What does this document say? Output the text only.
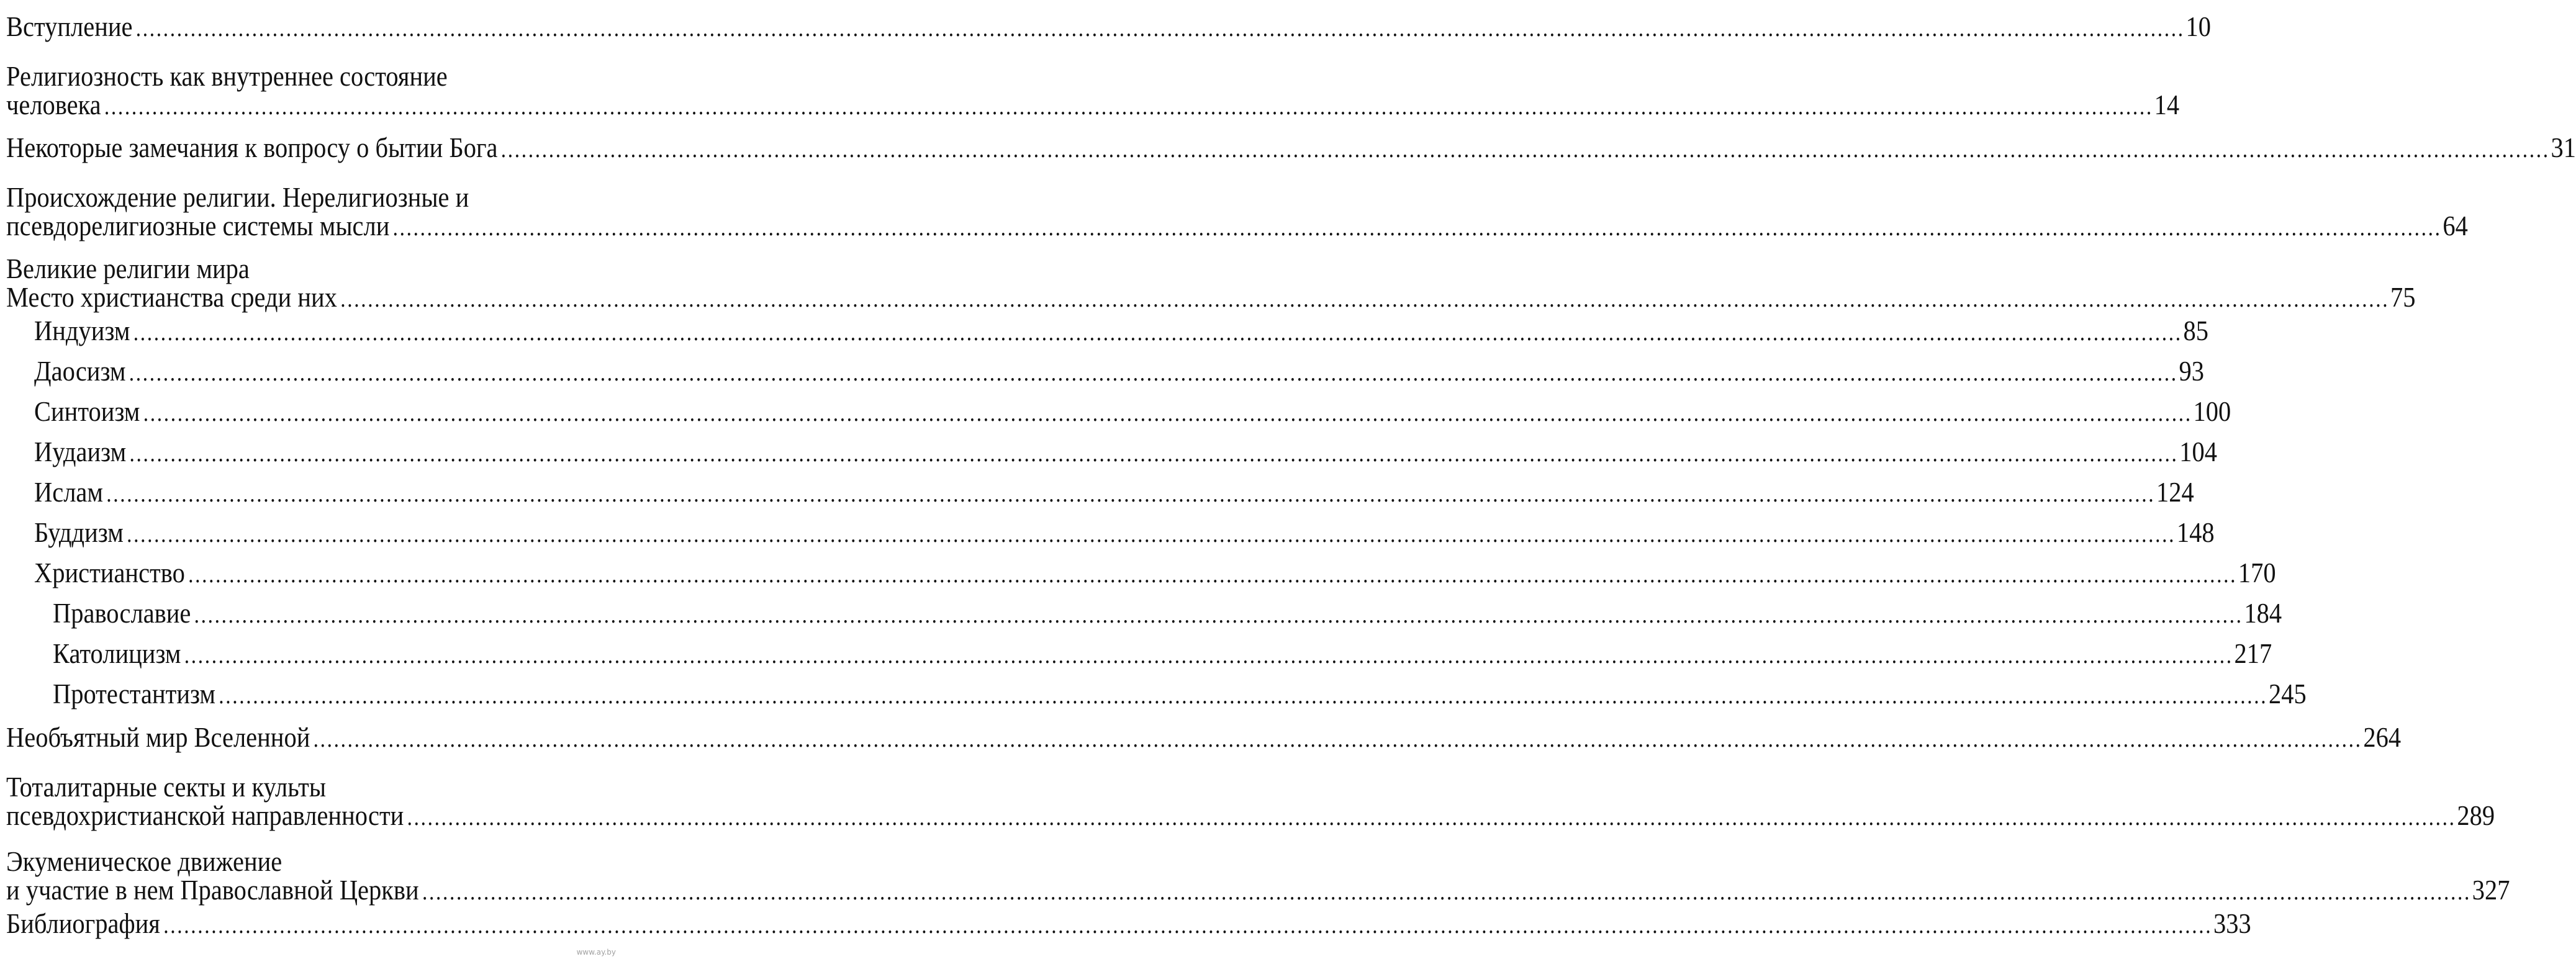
Вступление ............................................................................................................................................................................................................................................................................................................ 10
Религиозность как внутреннее состояние
человека ............................................................................................................................................................................................................................................................................................................ 14
Некоторые замечания к вопросу о бытии Бога ............................................................................................................................................................................................................................................................................................................ 31
Происхождение религии. Нерелигиозные и
псевдорелигиозные системы мысли ............................................................................................................................................................................................................................................................................................................ 64
Великие религии мира
Место христианства среди них ............................................................................................................................................................................................................................................................................................................ 75
Индуизм ............................................................................................................................................................................................................................................................................................................ 85
Даосизм ............................................................................................................................................................................................................................................................................................................ 93
Синтоизм ............................................................................................................................................................................................................................................................................................................ 100
Иудаизм ............................................................................................................................................................................................................................................................................................................ 104
Ислам ............................................................................................................................................................................................................................................................................................................ 124
Буддизм ............................................................................................................................................................................................................................................................................................................ 148
Христианство ............................................................................................................................................................................................................................................................................................................ 170
Православие ............................................................................................................................................................................................................................................................................................................ 184
Католицизм ............................................................................................................................................................................................................................................................................................................ 217
Протестантизм ............................................................................................................................................................................................................................................................................................................ 245
Необъятный мир Вселенной ............................................................................................................................................................................................................................................................................................................ 264
Тоталитарные секты и культы
псевдохристианской направленности ............................................................................................................................................................................................................................................................................................................ 289
Экуменическое движение
и участие в нем Православной Церкви ............................................................................................................................................................................................................................................................................................................ 327
Библиография ............................................................................................................................................................................................................................................................................................................ 333
www.ay.by
